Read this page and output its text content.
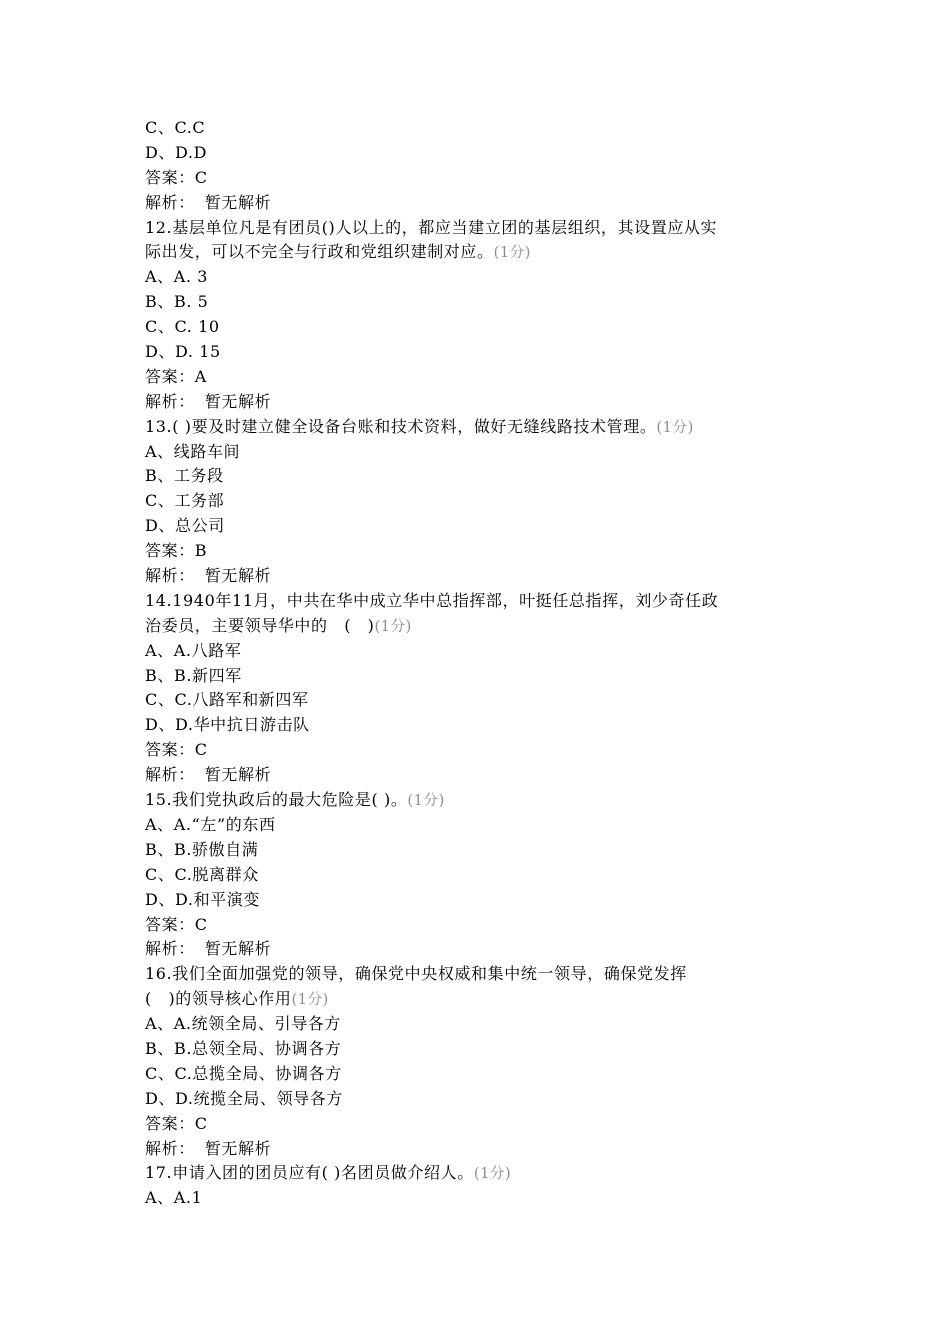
C、C.C
D、D.D
答案：C
解析： 暂无解析
12.基层单位凡是有团员()人以上的，都应当建立团的基层组织，其设置应从实
际出发，可以不完全与行政和党组织建制对应。(1分)
A、A. 3
B、B. 5
C、C. 10
D、D. 15
答案：A
解析： 暂无解析
13.( )要及时建立健全设备台账和技术资料，做好无缝线路技术管理。(1分)
A、线路车间
B、工务段
C、工务部
D、总公司
答案：B
解析： 暂无解析
14.1940年11月，中共在华中成立华中总指挥部，叶挺任总指挥，刘少奇任政
治委员，主要领导华中的　(　)(1分)
A、A.八路军
B、B.新四军
C、C.八路军和新四军
D、D.华中抗日游击队
答案：C
解析： 暂无解析
15.我们党执政后的最大危险是( )。(1分)
A、A.“左”的东西
B、B.骄傲自满
C、C.脱离群众
D、D.和平演变
答案：C
解析： 暂无解析
16.我们全面加强党的领导，确保党中央权威和集中统一领导，确保党发挥
(　)的领导核心作用(1分)
A、A.统领全局、引导各方
B、B.总领全局、协调各方
C、C.总揽全局、协调各方
D、D.统揽全局、领导各方
答案：C
解析： 暂无解析
17.申请入团的团员应有( )名团员做介绍人。(1分)
A、A.1
